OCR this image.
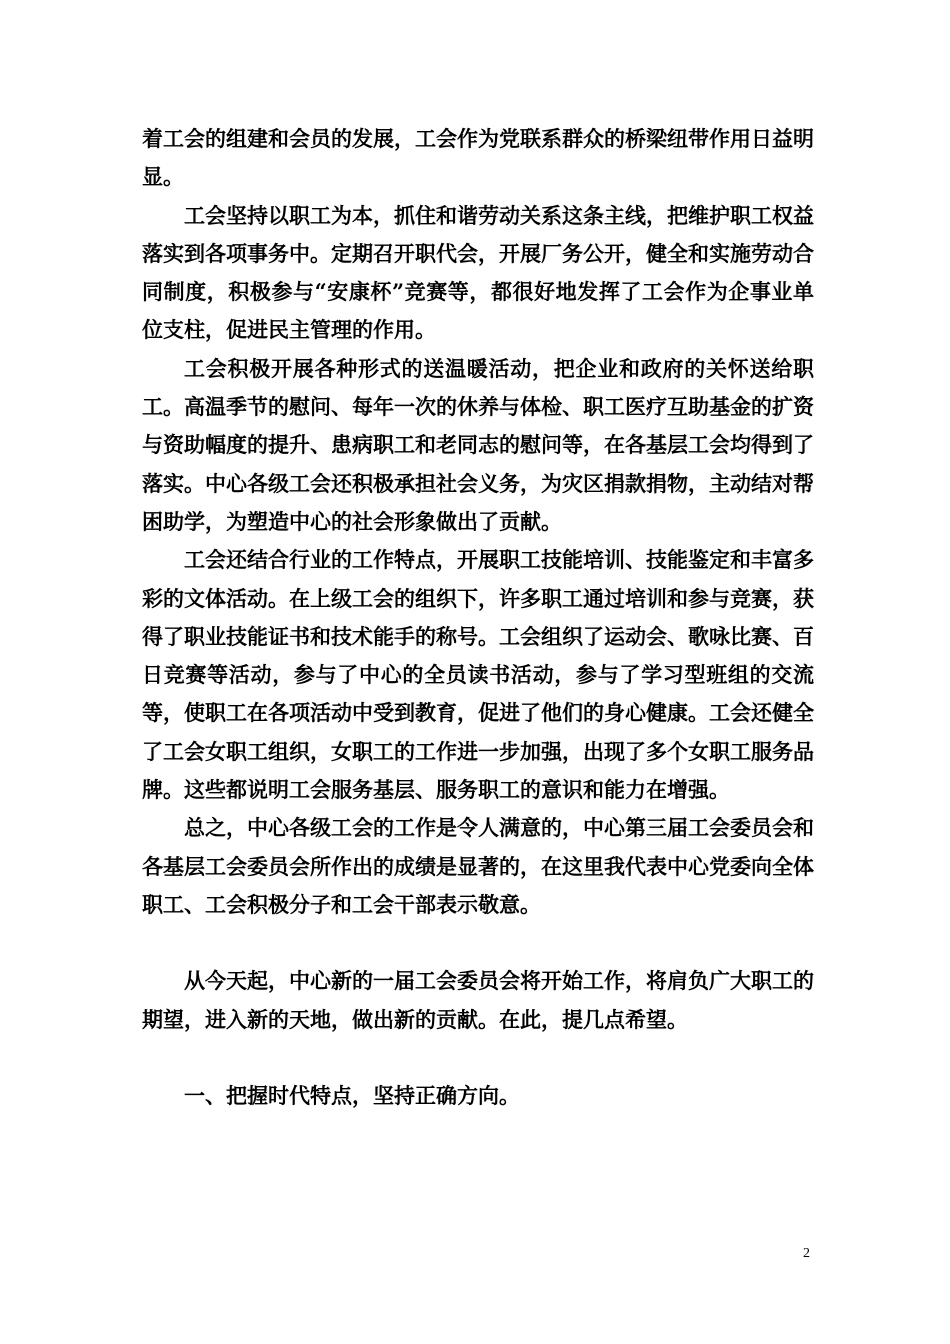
着工会的组建和会员的发展，工会作为党联系群众的桥梁纽带作用日益明显。

工会坚持以职工为本，抓住和谐劳动关系这条主线，把维护职工权益落实到各项事务中。定期召开职代会，开展厂务公开，健全和实施劳动合同制度，积极参与“安康杯”竞赛等，都很好地发挥了工会作为企事业单位支柱，促进民主管理的作用。

工会积极开展各种形式的送温暖活动，把企业和政府的关怀送给职工。高温季节的慰问、每年一次的休养与体检、职工医疗互助基金的扩资与资助幅度的提升、患病职工和老同志的慰问等，在各基层工会均得到了落实。中心各级工会还积极承担社会义务，为灾区捐款捐物，主动结对帮困助学，为塑造中心的社会形象做出了贡献。

工会还结合行业的工作特点，开展职工技能培训、技能鉴定和丰富多彩的文体活动。在上级工会的组织下，许多职工通过培训和参与竞赛，获得了职业技能证书和技术能手的称号。工会组织了运动会、歌咏比赛、百日竞赛等活动，参与了中心的全员读书活动，参与了学习型班组的交流等，使职工在各项活动中受到教育，促进了他们的身心健康。工会还健全了工会女职工组织，女职工的工作进一步加强，出现了多个女职工服务品牌。这些都说明工会服务基层、服务职工的意识和能力在增强。

总之，中心各级工会的工作是令人满意的，中心第三届工会委员会和各基层工会委员会所作出的成绩是显著的，在这里我代表中心党委向全体职工、工会积极分子和工会干部表示敬意。

从今天起，中心新的一届工会委员会将开始工作，将肩负广大职工的期望，进入新的天地，做出新的贡献。在此，提几点希望。

一、把握时代特点，坚持正确方向。

2
